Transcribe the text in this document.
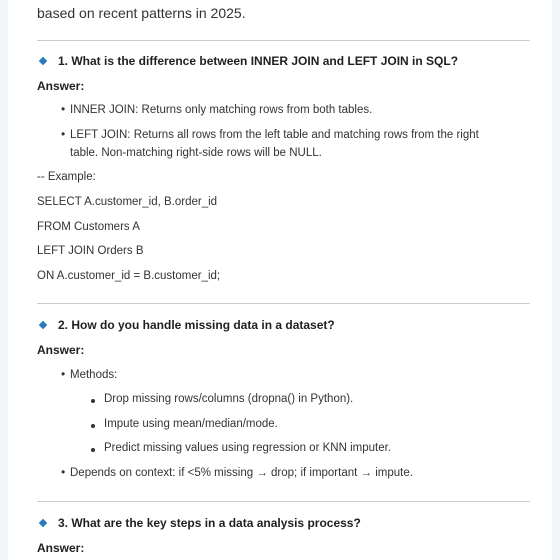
based on recent patterns in 2025.
1. What is the difference between INNER JOIN and LEFT JOIN in SQL?
Answer:
• INNER JOIN: Returns only matching rows from both tables.
• LEFT JOIN: Returns all rows from the left table and matching rows from the right
table. Non-matching right-side rows will be NULL.
-- Example:
SELECT A.customer_id, B.order_id
FROM Customers A
LEFT JOIN Orders B
ON A.customer_id = B.customer_id;
2. How do you handle missing data in a dataset?
Answer:
• Methods:
Drop missing rows/columns (dropna() in Python).
Impute using mean/median/mode.
Predict missing values using regression or KNN imputer.
• Depends on context: if <5% missing → drop; if important → impute.
3. What are the key steps in a data analysis process?
Answer:
